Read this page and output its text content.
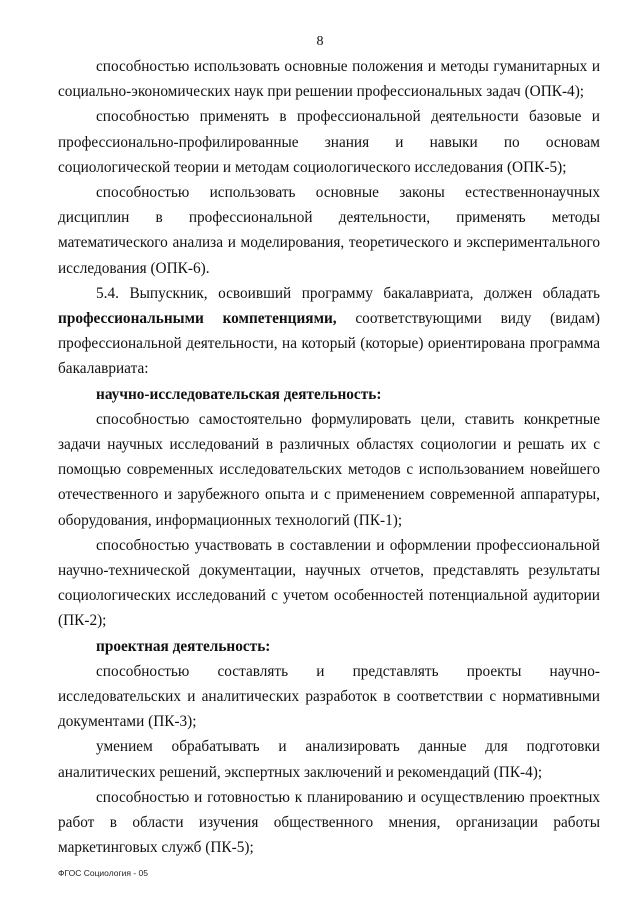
8

способностью использовать основные положения и методы гуманитарных и социально-экономических наук при решении профессиональных задач (ОПК-4);

способностью применять в профессиональной деятельности базовые и профессионально-профилированные знания и навыки по основам социологической теории и методам социологического исследования (ОПК-5);

способностью использовать основные законы естественнонаучных дисциплин в профессиональной деятельности, применять методы математического анализа и моделирования, теоретического и экспериментального исследования (ОПК-6).

5.4. Выпускник, освоивший программу бакалавриата, должен обладать профессиональными компетенциями, соответствующими виду (видам) профессиональной деятельности, на который (которые) ориентирована программа бакалавриата:

научно-исследовательская деятельность:

способностью самостоятельно формулировать цели, ставить конкретные задачи научных исследований в различных областях социологии и решать их с помощью современных исследовательских методов с использованием новейшего отечественного и зарубежного опыта и с применением современной аппаратуры, оборудования, информационных технологий (ПК-1);

способностью участвовать в составлении и оформлении профессиональной научно-технической документации, научных отчетов, представлять результаты социологических исследований с учетом особенностей потенциальной аудитории (ПК-2);

проектная деятельность:

способностью составлять и представлять проекты научно-исследовательских и аналитических разработок в соответствии с нормативными документами (ПК-3);

умением обрабатывать и анализировать данные для подготовки аналитических решений, экспертных заключений и рекомендаций (ПК-4);

способностью и готовностью к планированию и осуществлению проектных работ в области изучения общественного мнения, организации работы маркетинговых служб (ПК-5);

ФГОС Социология - 05
